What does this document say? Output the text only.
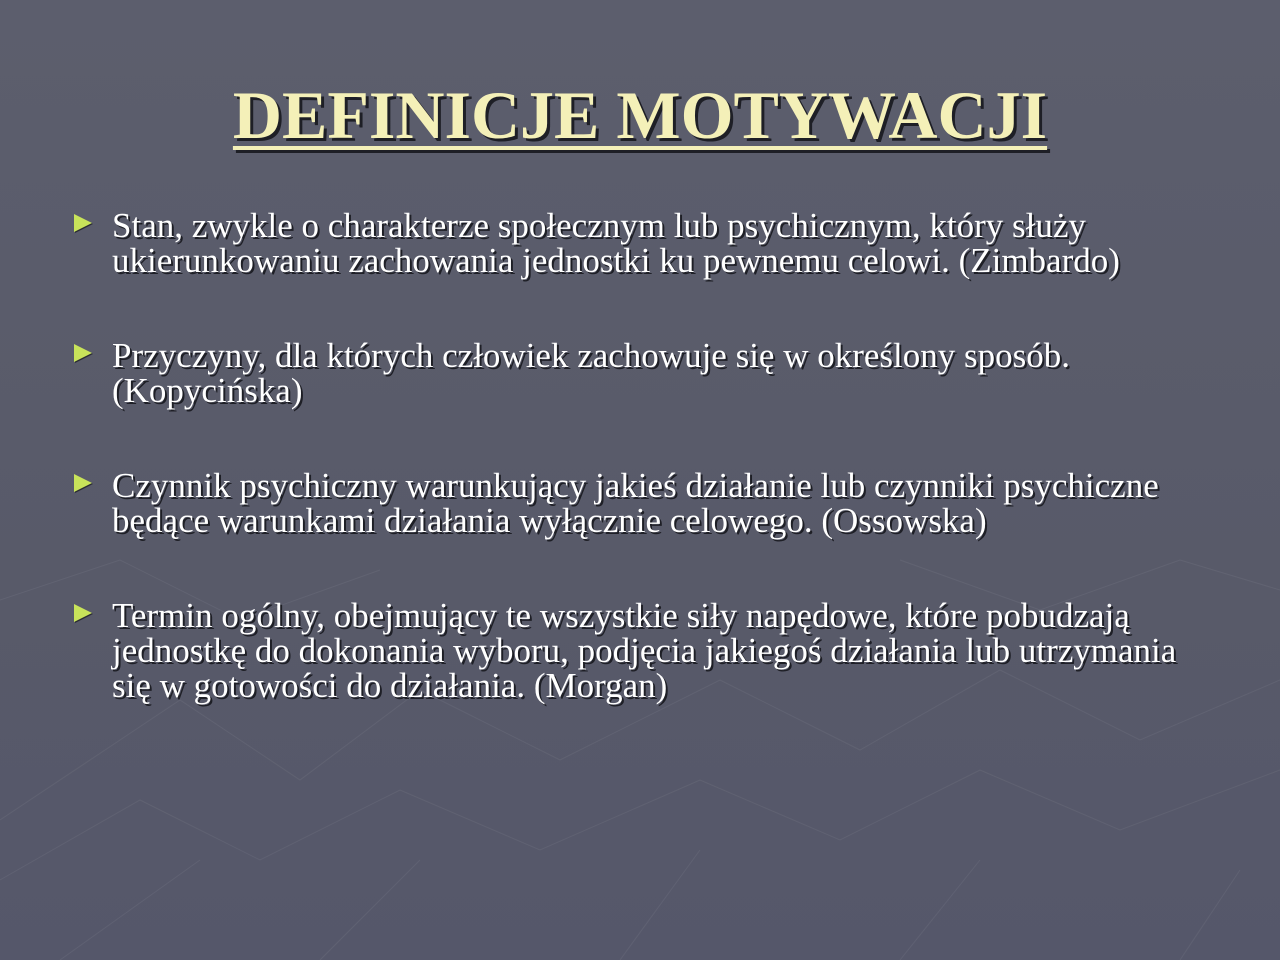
DEFINICJE MOTYWACJI
Stan, zwykle o charakterze społecznym lub psychicznym, który służy ukierunkowaniu zachowania jednostki ku pewnemu celowi. (Zimbardo)
Przyczyny, dla których człowiek zachowuje się w określony sposób. (Kopycińska)
Czynnik psychiczny warunkujący jakieś działanie lub czynniki psychiczne będące warunkami działania wyłącznie celowego. (Ossowska)
Termin ogólny, obejmujący te wszystkie siły napędowe, które pobudzają jednostkę do dokonania wyboru, podjęcia jakiegoś działania lub utrzymania się w gotowości do działania. (Morgan)
